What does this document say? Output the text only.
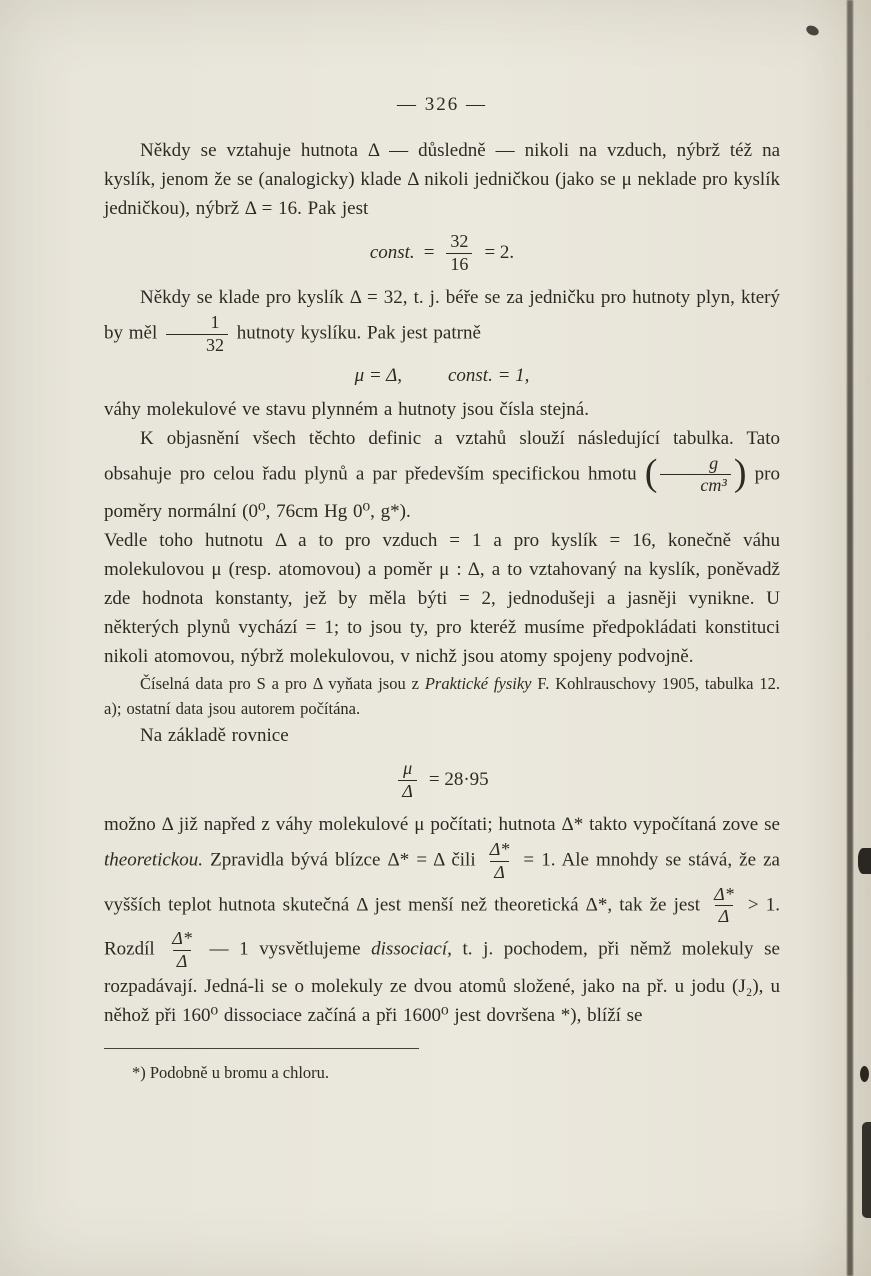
— 326 —

Někdy se vztahuje hutnota Δ — důsledně — nikoli na vzduch, nýbrž též na kyslík, jenom že se (analogicky) klade Δ nikoli jedničkou (jako se μ neklade pro kyslík jedničkou), nýbrž Δ = 16. Pak jest

const. = $\frac{32}{16} = 2$.

Někdy se klade pro kyslík Δ = 32, t. j. béře se za jedničku pro hutnoty plyn, který by měl $\frac{1}{32}$ hutnoty kyslíku. Pak jest patrně

μ = Δ, const. = 1,

váhy molekulové ve stavu plynném a hutnoty jsou čísla stejná.

K objasnění všech těchto definic a vztahů slouží následující tabulka. Tato obsahuje pro celou řadu plynů a par především specifickou hmotu ( $\frac{g}{\text{cm³}}$ ) pro poměry normální (0⁰, 76cm Hg 0⁰, g*).

Vedle toho hutnotu Δ a to pro vzduch = 1 a pro kyslík = 16, konečně váhu molekulovou μ (resp. atomovou) a poměr μ : Δ, a to vztahovaný na kyslík, poněvadž zde hodnota konstanty, jež by měla býti = 2, jednodušeji a jasněji vynikne. U některých plynů vychází = 1; to jsou ty, pro kteréž musíme předpokládati konstituci nikoli atomovou, nýbrž molekulovou, v nichž jsou atomy spojeny podvojně.

Číselná data pro S a pro Δ vyňata jsou z Praktické fysiky F. Kohlrauschovy 1905, tabulka 12. a); ostatní data jsou autorem počítána.

Na základě rovnice

$\frac{\mu}{\Delta} = 28\cdot 95$

možno Δ již napřed z váhy molekulové μ počítati; hutnota Δ* takto vypočítaná zove se theoretickou. Zpravidla bývá blízce Δ* = Δ čili $\frac{\Delta*}{\Delta} = 1$. Ale mnohdy se stává, že za vyšších teplot hutnota skutečná Δ jest menší než theoretická Δ*, tak že jest $\frac{\Delta*}{\Delta} > 1$. Rozdíl $\frac{\Delta*}{\Delta}$ — 1 vysvětlujeme dissociací, t. j. pochodem, při němž molekuly se rozpadávají. Jedná-li se o molekuly ze dvou atomů složené, jako na př. u jodu (J₂), u něhož při 160⁰ dissociace začíná a při 1600⁰ jest dovršena *), blíží se

*) Podobně u bromu a chloru.
